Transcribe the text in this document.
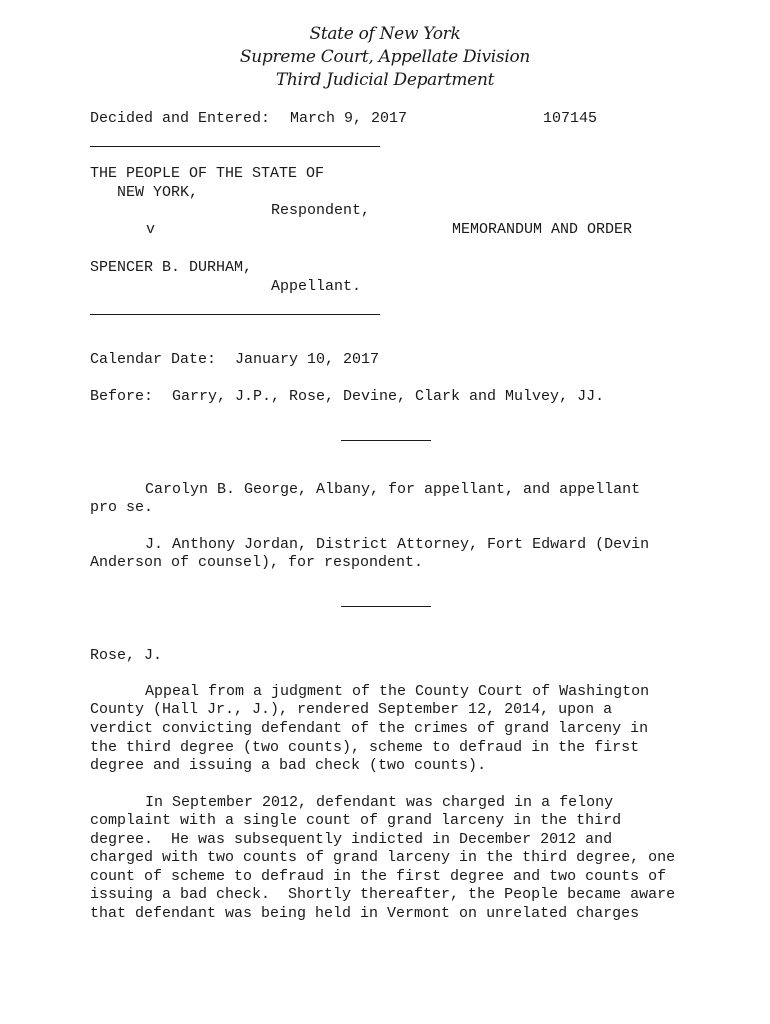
State of New York
Supreme Court, Appellate Division
Third Judicial Department
Decided and Entered: March 9, 2017	107145
THE PEOPLE OF THE STATE OF
NEW YORK,
Respondent,
v	MEMORANDUM AND ORDER
SPENCER B. DURHAM,
Appellant.
Calendar Date: January 10, 2017
Before: Garry, J.P., Rose, Devine, Clark and Mulvey, JJ.
Carolyn B. George, Albany, for appellant, and appellant
pro se.
J. Anthony Jordan, District Attorney, Fort Edward (Devin
Anderson of counsel), for respondent.
Rose, J.
Appeal from a judgment of the County Court of Washington
County (Hall Jr., J.), rendered September 12, 2014, upon a
verdict convicting defendant of the crimes of grand larceny in
the third degree (two counts), scheme to defraud in the first
degree and issuing a bad check (two counts).
In September 2012, defendant was charged in a felony
complaint with a single count of grand larceny in the third
degree.  He was subsequently indicted in December 2012 and
charged with two counts of grand larceny in the third degree, one
count of scheme to defraud in the first degree and two counts of
issuing a bad check.  Shortly thereafter, the People became aware
that defendant was being held in Vermont on unrelated charges
